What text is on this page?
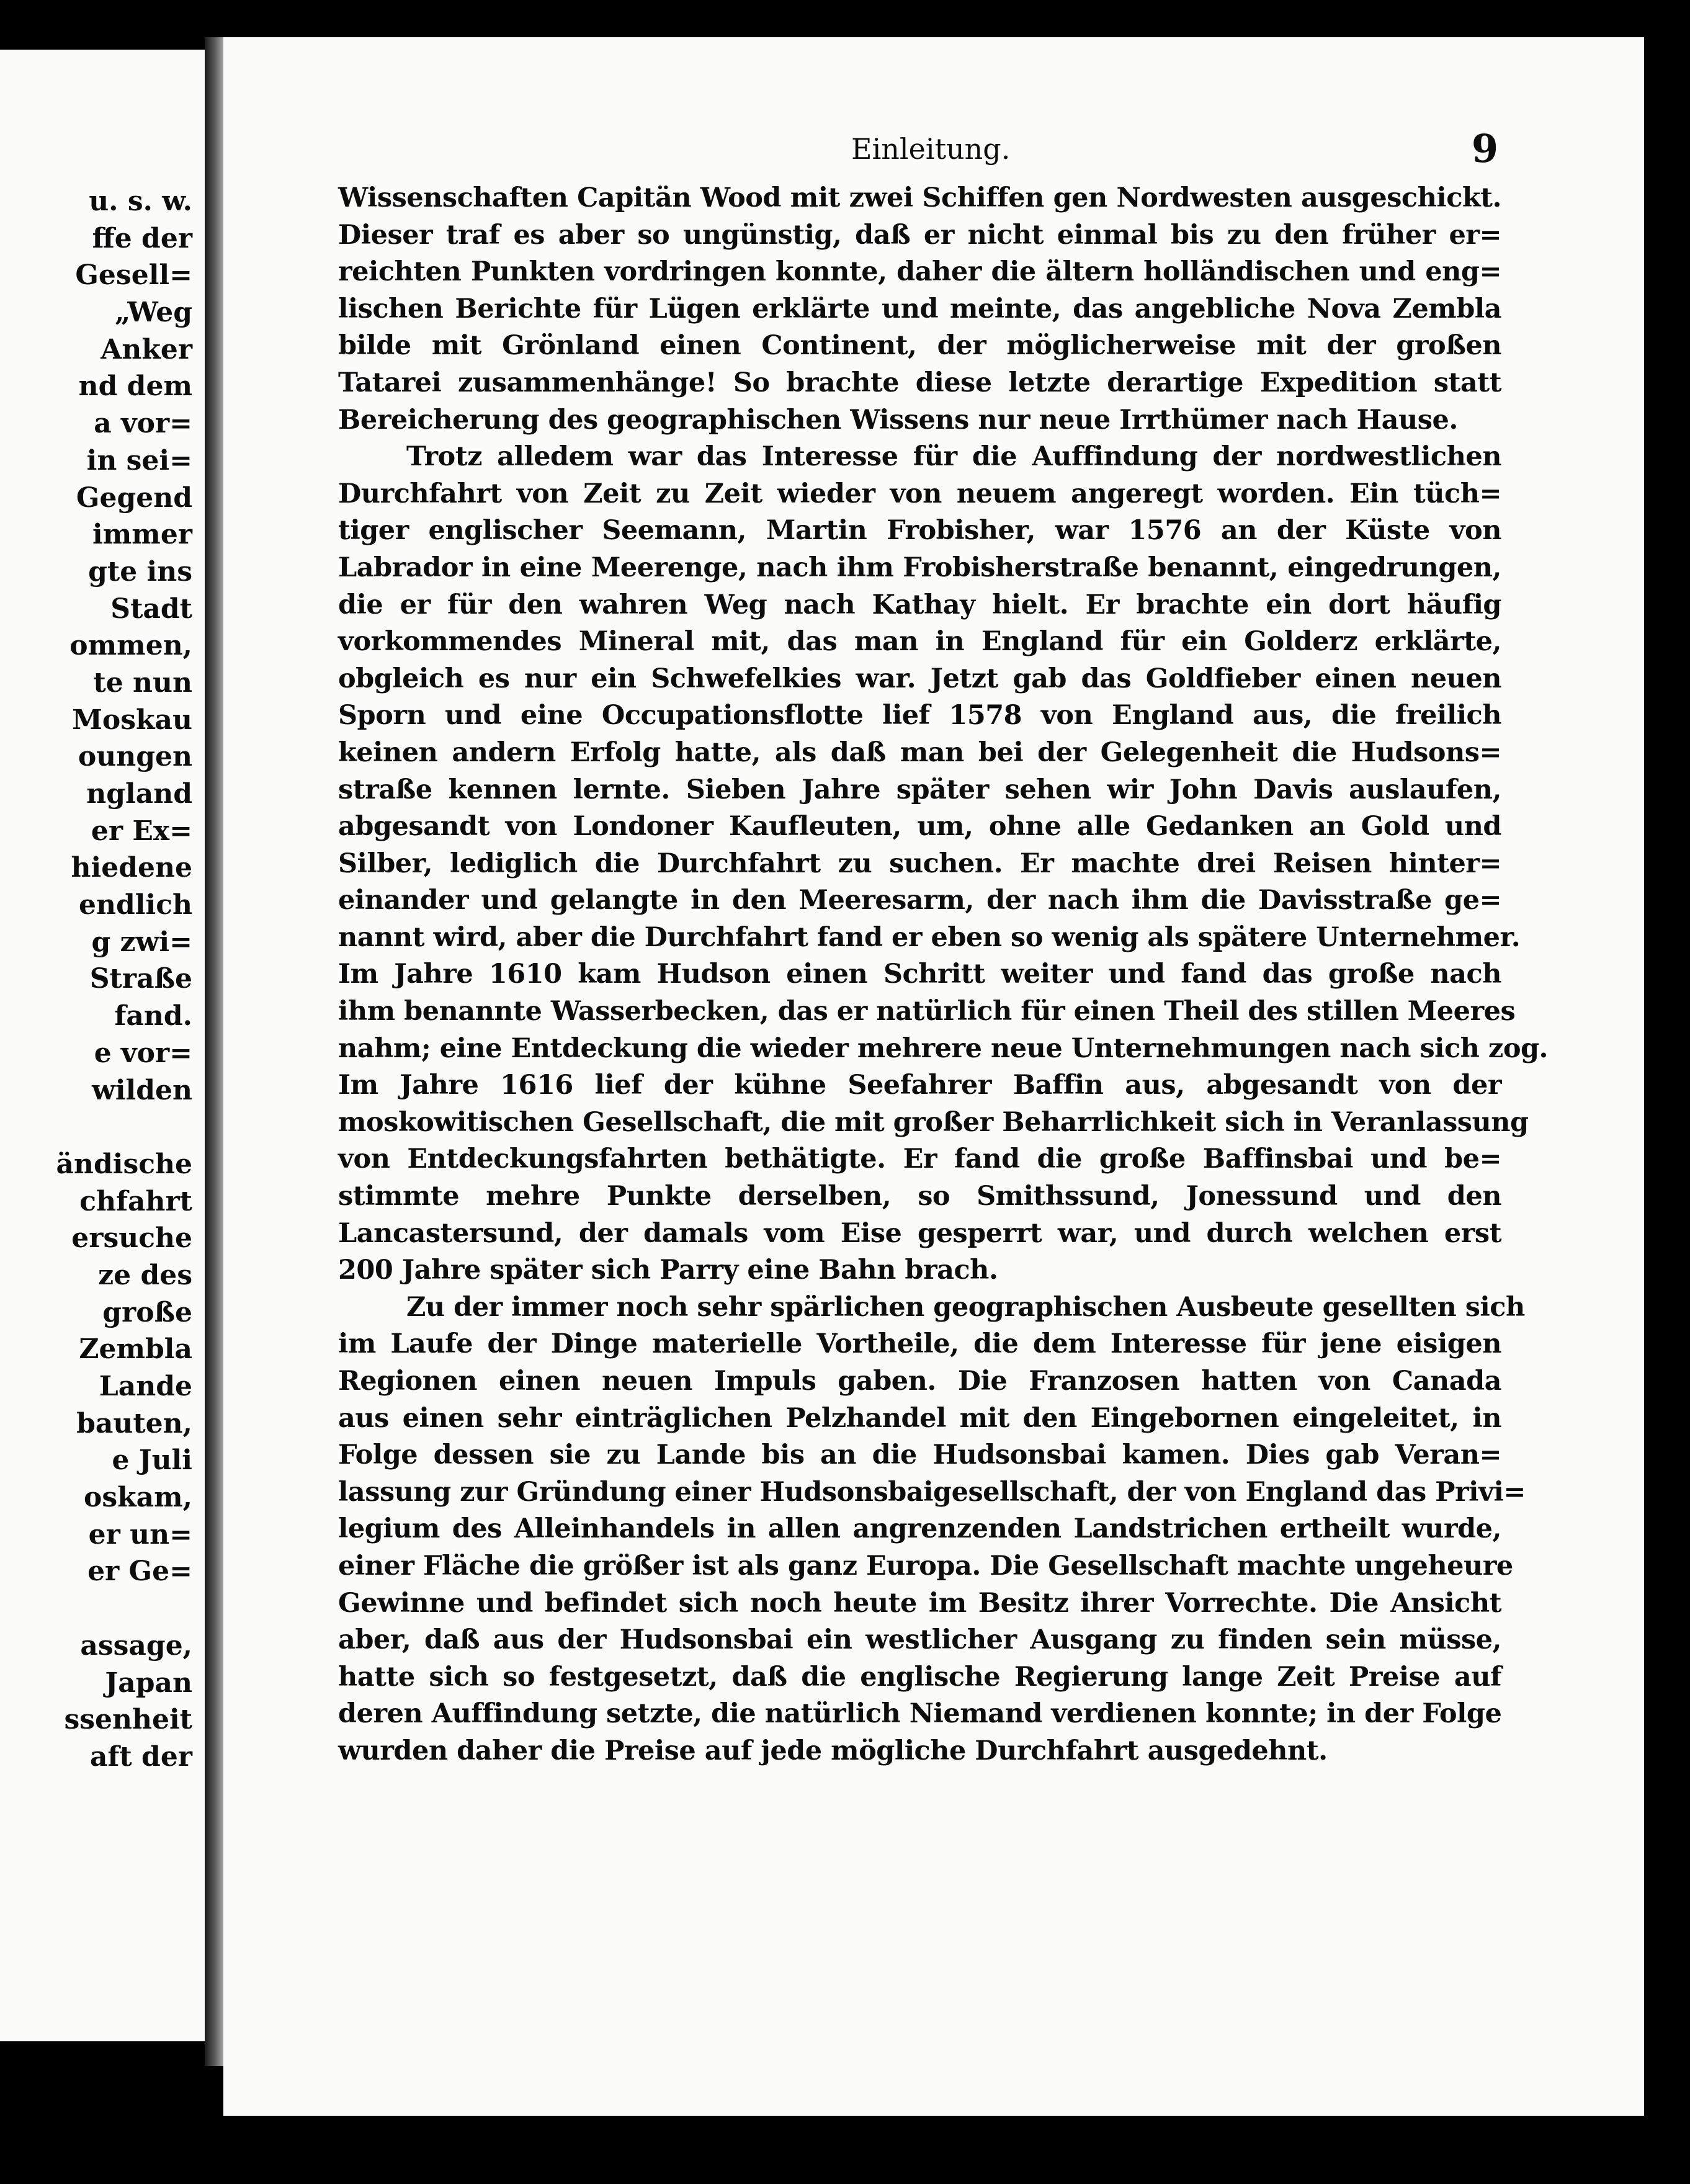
u. s. w.
ffe der
Gesell=
„Weg
Anker
nd dem
a vor=
in sei=
Gegend
immer
gte ins
Stadt
ommen,
te nun
Moskau
oungen
ngland
er Ex=
hiedene
endlich
g zwi=
Straße
fand.
e vor=
wilden
ändische
chfahrt
ersuche
ze des
große
Zembla
Lande
bauten,
e Juli
oskam,
er un=
er Ge=
assage,
Japan
ssenheit
aft der
Einleitung.	9
Wissenschaften Capitän Wood mit zwei Schiffen gen Nordwesten ausgeschickt.
Dieser traf es aber so ungünstig, daß er nicht einmal bis zu den früher er=
reichten Punkten vordringen konnte, daher die ältern holländischen und eng=
lischen Berichte für Lügen erklärte und meinte, das angebliche Nova Zembla
bilde mit Grönland einen Continent, der möglicherweise mit der großen
Tatarei zusammenhänge! So brachte diese letzte derartige Expedition statt
Bereicherung des geographischen Wissens nur neue Irrthümer nach Hause.
Trotz alledem war das Interesse für die Auffindung der nordwestlichen
Durchfahrt von Zeit zu Zeit wieder von neuem angeregt worden. Ein tüch=
tiger englischer Seemann, Martin Frobisher, war 1576 an der Küste von
Labrador in eine Meerenge, nach ihm Frobisherstraße benannt, eingedrungen,
die er für den wahren Weg nach Kathay hielt. Er brachte ein dort häufig
vorkommendes Mineral mit, das man in England für ein Golderz erklärte,
obgleich es nur ein Schwefelkies war. Jetzt gab das Goldfieber einen neuen
Sporn und eine Occupationsflotte lief 1578 von England aus, die freilich
keinen andern Erfolg hatte, als daß man bei der Gelegenheit die Hudsons=
straße kennen lernte. Sieben Jahre später sehen wir John Davis auslaufen,
abgesandt von Londoner Kaufleuten, um, ohne alle Gedanken an Gold und
Silber, lediglich die Durchfahrt zu suchen. Er machte drei Reisen hinter=
einander und gelangte in den Meeresarm, der nach ihm die Davisstraße ge=
nannt wird, aber die Durchfahrt fand er eben so wenig als spätere Unternehmer.
Im Jahre 1610 kam Hudson einen Schritt weiter und fand das große nach
ihm benannte Wasserbecken, das er natürlich für einen Theil des stillen Meeres
nahm; eine Entdeckung die wieder mehrere neue Unternehmungen nach sich zog.
Im Jahre 1616 lief der kühne Seefahrer Baffin aus, abgesandt von der
moskowitischen Gesellschaft, die mit großer Beharrlichkeit sich in Veranlassung
von Entdeckungsfahrten bethätigte. Er fand die große Baffinsbai und be=
stimmte mehre Punkte derselben, so Smithssund, Jonessund und den
Lancastersund, der damals vom Eise gesperrt war, und durch welchen erst
200 Jahre später sich Parry eine Bahn brach.
Zu der immer noch sehr spärlichen geographischen Ausbeute gesellten sich
im Laufe der Dinge materielle Vortheile, die dem Interesse für jene eisigen
Regionen einen neuen Impuls gaben. Die Franzosen hatten von Canada
aus einen sehr einträglichen Pelzhandel mit den Eingebornen eingeleitet, in
Folge dessen sie zu Lande bis an die Hudsonsbai kamen. Dies gab Veran=
lassung zur Gründung einer Hudsonsbaigesellschaft, der von England das Privi=
legium des Alleinhandels in allen angrenzenden Landstrichen ertheilt wurde,
einer Fläche die größer ist als ganz Europa. Die Gesellschaft machte ungeheure
Gewinne und befindet sich noch heute im Besitz ihrer Vorrechte. Die Ansicht
aber, daß aus der Hudsonsbai ein westlicher Ausgang zu finden sein müsse,
hatte sich so festgesetzt, daß die englische Regierung lange Zeit Preise auf
deren Auffindung setzte, die natürlich Niemand verdienen konnte; in der Folge
wurden daher die Preise auf jede mögliche Durchfahrt ausgedehnt.
